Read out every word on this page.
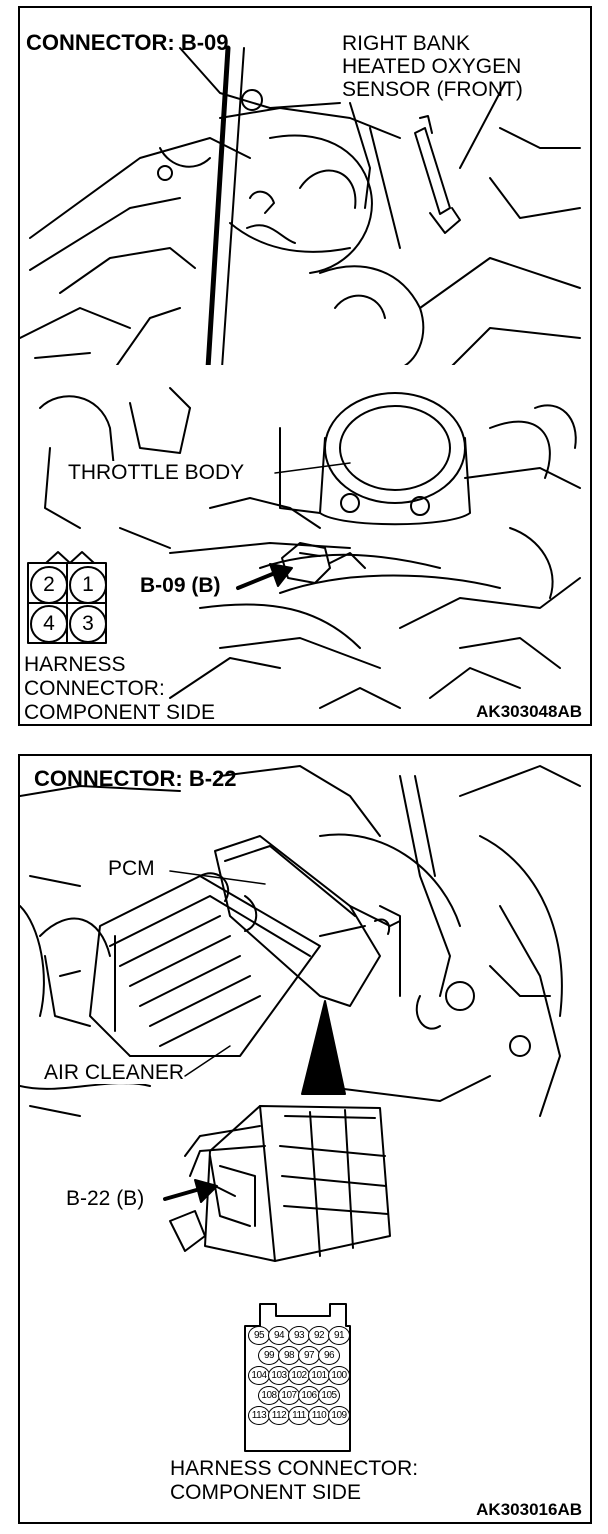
CONNECTOR: B-09	RIGHT BANK
HEATED OXYGEN
SENSOR (FRONT)
THROTTLE BODY
B-09 (B)
2	1
4	3
HARNESS
CONNECTOR:
COMPONENT SIDE	AK303048AB
CONNECTOR: B-22
PCM
AIR CLEANER
B-22 (B)
95 94 93 92 91
99 98 97 96
104 103 102 101 100
108 107 106 105
113 112 111 110 109
HARNESS CONNECTOR:
COMPONENT SIDE
AK303016AB
